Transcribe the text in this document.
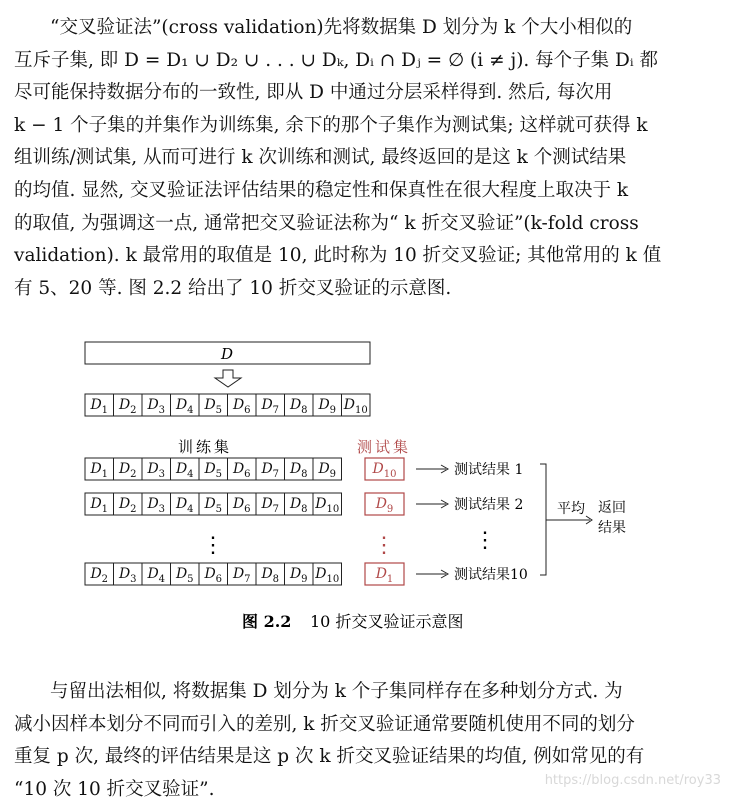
“交叉验证法”(cross validation)先将数据集 D 划分为 k 个大小相似的

互斥子集, 即 D = D₁ ∪ D₂ ∪ . . . ∪ Dₖ, Dᵢ ∩ Dⱼ = ∅ (i ≠ j). 每个子集 Dᵢ 都

尽可能保持数据分布的一致性, 即从 D 中通过分层采样得到. 然后, 每次用

k − 1 个子集的并集作为训练集, 余下的那个子集作为测试集; 这样就可获得 k

组训练/测试集, 从而可进行 k 次训练和测试, 最终返回的是这 k 个测试结果

的均值. 显然, 交叉验证法评估结果的稳定性和保真性在很大程度上取决于 k

的取值, 为强调这一点, 通常把交叉验证法称为“ k 折交叉验证”(k-fold cross

validation). k 最常用的取值是 10, 此时称为 10 折交叉验证; 其他常用的 k 值

有 5、20 等. 图 2.2 给出了 10 折交叉验证的示意图.

D
$D_1$ $D_2$ $D_3$ $D_4$ $D_5$ $D_6$ $D_7$ $D_8$ $D_9$ $D_{10}$
训练集	测试集
$D_1$ $D_2$ $D_3$ $D_4$ $D_5$ $D_6$ $D_7$ $D_8$ $D_9$	$D_{10}$	测试结果 1
$D_1$ $D_2$ $D_3$ $D_4$ $D_5$ $D_6$ $D_7$ $D_8$ $D_{10}$	$D_9$	测试结果 2
$D_2$ $D_3$ $D_4$ $D_5$ $D_6$ $D_7$ $D_8$ $D_9$ $D_{10}$	$D_1$	测试结果10
⋮	⋮	⋮
平均 返回
结果
图 2.2 10 折交叉验证示意图

与留出法相似, 将数据集 D 划分为 k 个子集同样存在多种划分方式. 为

减小因样本划分不同而引入的差别, k 折交叉验证通常要随机使用不同的划分

重复 p 次, 最终的评估结果是这 p 次 k 折交叉验证结果的均值, 例如常见的有

“10 次 10 折交叉验证”.	https://blog.csdn.net/roy33
